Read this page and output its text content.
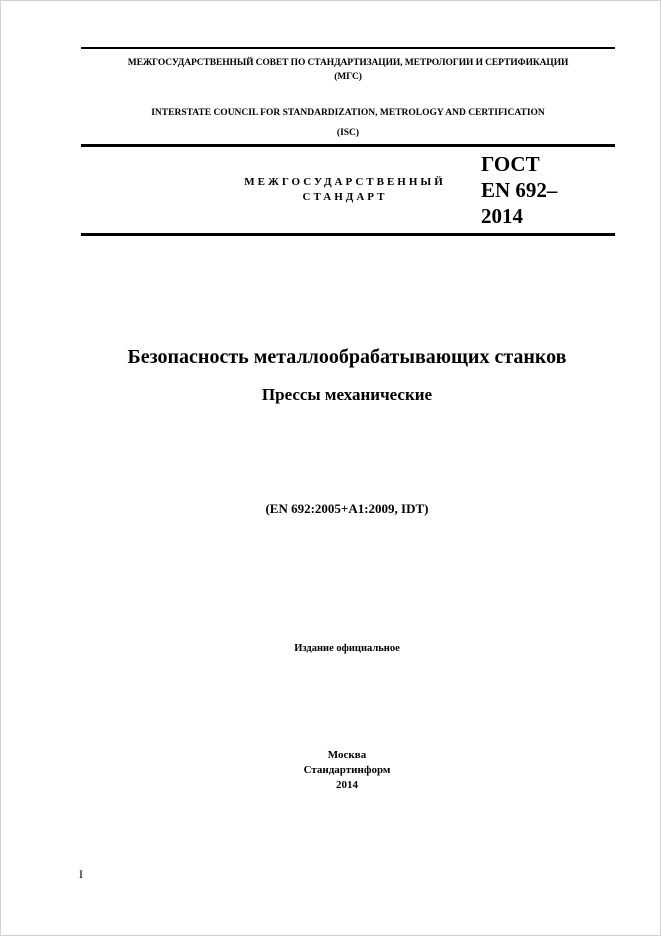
МЕЖГОСУДАРСТВЕННЫЙ СОВЕТ ПО СТАНДАРТИЗАЦИИ, МЕТРОЛОГИИ И СЕРТИФИКАЦИИ
(МГС)
INTERSTATE COUNCIL FOR STANDARDIZATION, METROLOGY AND CERTIFICATION
(ISC)
МЕЖГОСУДАРСТВЕННЫЙ
СТАНДАРТ
ГОСТ
EN 692–
2014
Безопасность металлообрабатывающих станков
Прессы механические
(EN 692:2005+A1:2009, IDT)
Издание официальное
Москва
Стандартинформ
2014
I
